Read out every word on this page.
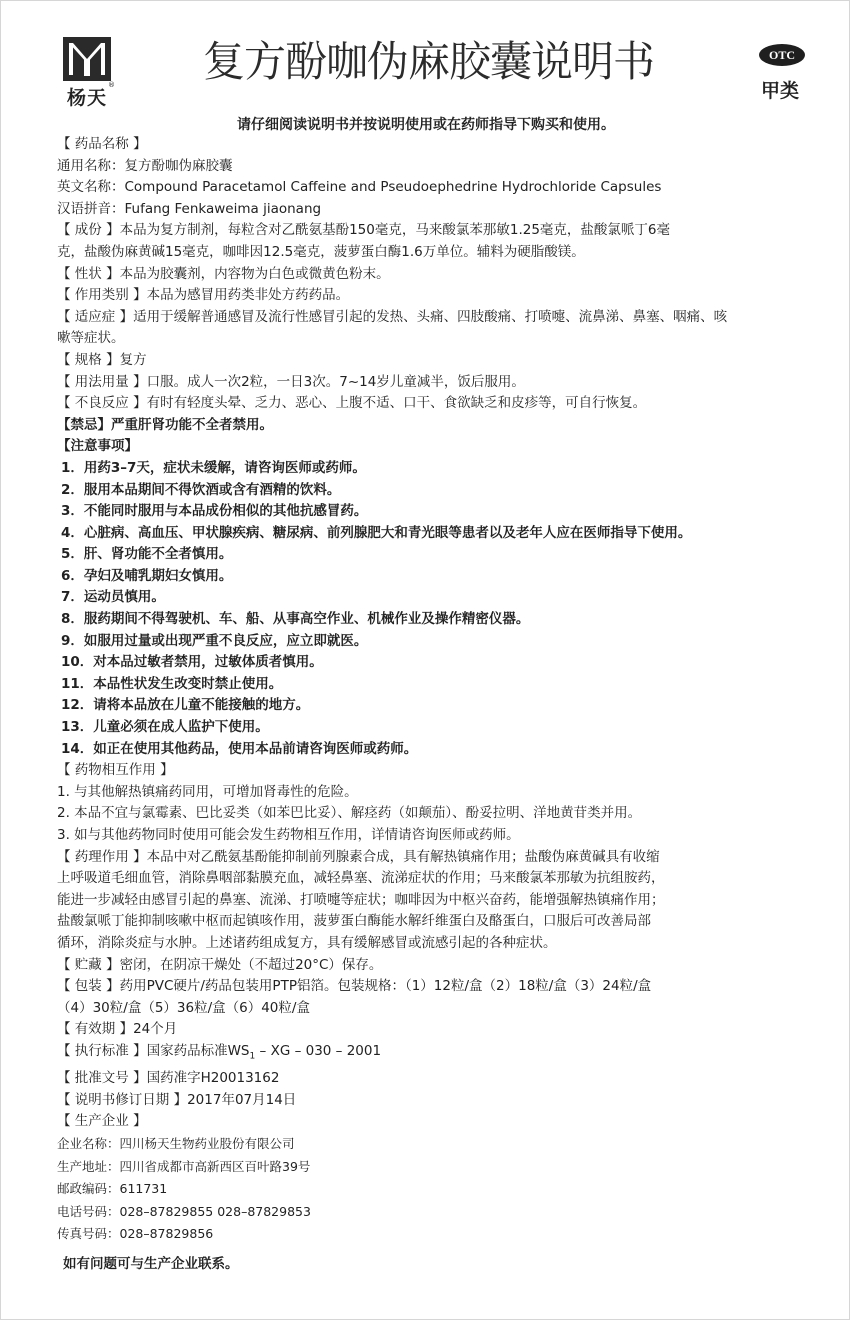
®
杨天
复方酚咖伪麻胶囊说明书	OTC
甲类
请仔细阅读说明书并按说明使用或在药师指导下购买和使用。
【 药品名称 】
通用名称：复方酚咖伪麻胶囊
英文名称：Compound Paracetamol Caffeine and Pseudoephedrine Hydrochloride Capsules
汉语拼音：Fufang Fenkaweima jiaonang
【 成份 】本品为复方制剂，每粒含对乙酰氨基酚150毫克，马来酸氯苯那敏1.25毫克，盐酸氯哌丁6毫
克，盐酸伪麻黄碱15毫克，咖啡因12.5毫克，菠萝蛋白酶1.6万单位。辅料为硬脂酸镁。
【 性状 】本品为胶囊剂，内容物为白色或微黄色粉末。
【 作用类别 】本品为感冒用药类非处方药药品。
【 适应症 】适用于缓解普通感冒及流行性感冒引起的发热、头痛、四肢酸痛、打喷嚏、流鼻涕、鼻塞、咽痛、咳
嗽等症状。
【 规格 】复方
【 用法用量 】口服。成人一次2粒，一日3次。7~14岁儿童减半，饭后服用。
【 不良反应 】有时有轻度头晕、乏力、恶心、上腹不适、口干、食欲缺乏和皮疹等，可自行恢复。
【禁忌】严重肝肾功能不全者禁用。
【注意事项】
1．用药3–7天，症状未缓解，请咨询医师或药师。
2．服用本品期间不得饮酒或含有酒精的饮料。
3．不能同时服用与本品成份相似的其他抗感冒药。
4．心脏病、高血压、甲状腺疾病、糖尿病、前列腺肥大和青光眼等患者以及老年人应在医师指导下使用。
5．肝、肾功能不全者慎用。
6．孕妇及哺乳期妇女慎用。
7．运动员慎用。
8．服药期间不得驾驶机、车、船、从事高空作业、机械作业及操作精密仪器。
9．如服用过量或出现严重不良反应，应立即就医。
10．对本品过敏者禁用，过敏体质者慎用。
11．本品性状发生改变时禁止使用。
12．请将本品放在儿童不能接触的地方。
13．儿童必须在成人监护下使用。
14．如正在使用其他药品，使用本品前请咨询医师或药师。
【 药物相互作用 】
1. 与其他解热镇痛药同用，可增加肾毒性的危险。
2. 本品不宜与氯霉素、巴比妥类（如苯巴比妥）、解痉药（如颠茄）、酚妥拉明、洋地黄苷类并用。
3. 如与其他药物同时使用可能会发生药物相互作用，详情请咨询医师或药师。
【 药理作用 】本品中对乙酰氨基酚能抑制前列腺素合成，具有解热镇痛作用；盐酸伪麻黄碱具有收缩
上呼吸道毛细血管，消除鼻咽部黏膜充血，减轻鼻塞、流涕症状的作用；马来酸氯苯那敏为抗组胺药，
能进一步减轻由感冒引起的鼻塞、流涕、打喷嚏等症状；咖啡因为中枢兴奋药，能增强解热镇痛作用；
盐酸氯哌丁能抑制咳嗽中枢而起镇咳作用，菠萝蛋白酶能水解纤维蛋白及酪蛋白，口服后可改善局部
循环，消除炎症与水肿。上述诸药组成复方，具有缓解感冒或流感引起的各种症状。
【 贮藏 】密闭，在阴凉干燥处（不超过20°C）保存。
【 包装 】药用PVC硬片/药品包装用PTP铝箔。包装规格：（1）12粒/盒（2）18粒/盒（3）24粒/盒
（4）30粒/盒（5）36粒/盒（6）40粒/盒
【 有效期 】24个月
【 执行标准 】国家药品标准$WS_1$ – XG – 030 – 2001
【 批准文号 】国药准字H20013162
【 说明书修订日期 】2017年07月14日
【 生产企业 】
企业名称：四川杨天生物药业股份有限公司
生产地址：四川省成都市高新西区百叶路39号
邮政编码：611731
电话号码：028–87829855 028–87829853
传真号码：028–87829856
如有问题可与生产企业联系。
